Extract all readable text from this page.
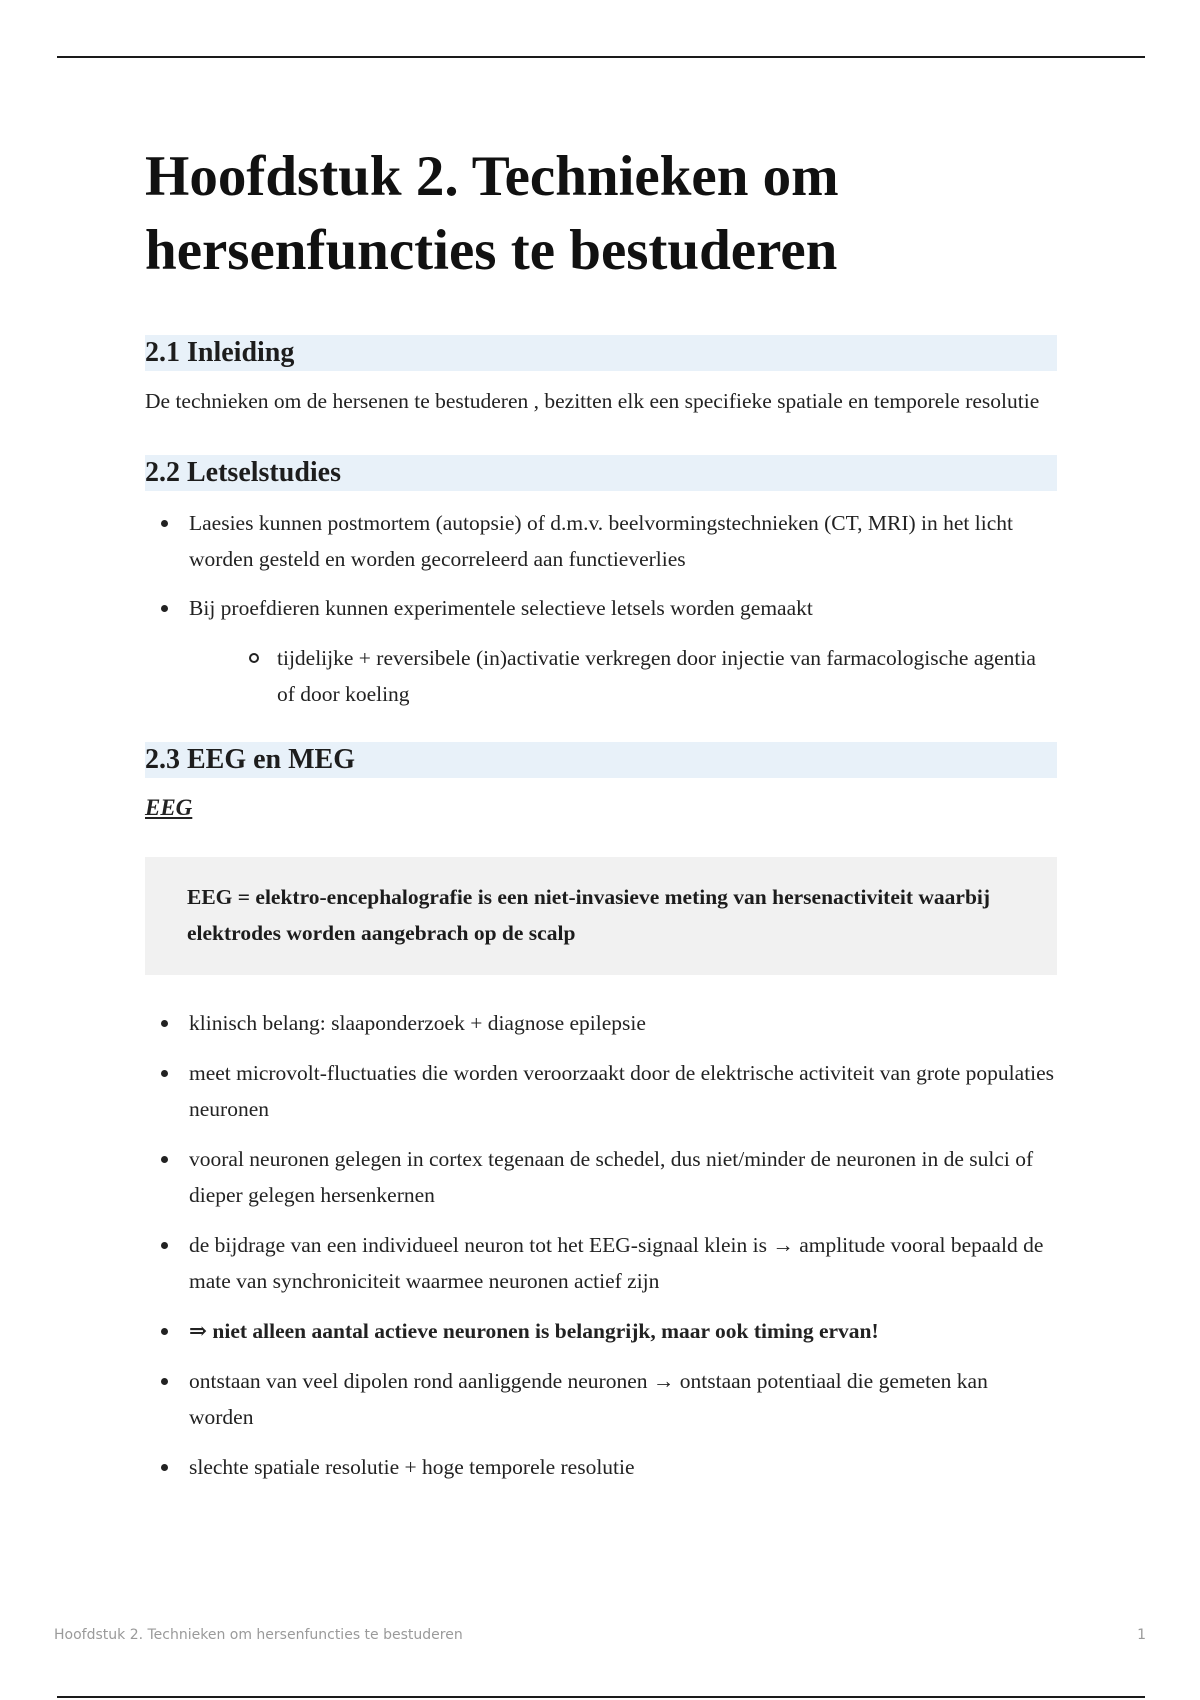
Hoofdstuk 2. Technieken om hersenfuncties te bestuderen
2.1 Inleiding

De technieken om de hersenen te bestuderen , bezitten elk een specifieke spatiale en temporele resolutie

2.2 Letselstudies
Laesies kunnen postmortem (autopsie) of d.m.v. beelvormingstechnieken (CT, MRI) in het licht worden gesteld en worden gecorreleerd aan functieverlies
Bij proefdieren kunnen experimentele selectieve letsels worden gemaakt
tijdelijke + reversibele (in)activatie verkregen door injectie van farmacologische agentia of door koeling
2.3 EEG en MEG

EEG

EEG = elektro-encephalografie is een niet-invasieve meting van hersenactiviteit waarbij elektrodes worden aangebrach op de scalp
klinisch belang: slaaponderzoek + diagnose epilepsie
meet microvolt-fluctuaties die worden veroorzaakt door de elektrische activiteit van grote populaties neuronen
vooral neuronen gelegen in cortex tegenaan de schedel, dus niet/minder de neuronen in de sulci of dieper gelegen hersenkernen
de bijdrage van een individueel neuron tot het EEG-signaal klein is → amplitude vooral bepaald de mate van synchroniciteit waarmee neuronen actief zijn
⇒ niet alleen aantal actieve neuronen is belangrijk, maar ook timing ervan!
ontstaan van veel dipolen rond aanliggende neuronen → ontstaan potentiaal die gemeten kan worden
slechte spatiale resolutie + hoge temporele resolutie
Hoofdstuk 2. Technieken om hersenfuncties te bestuderen	1
